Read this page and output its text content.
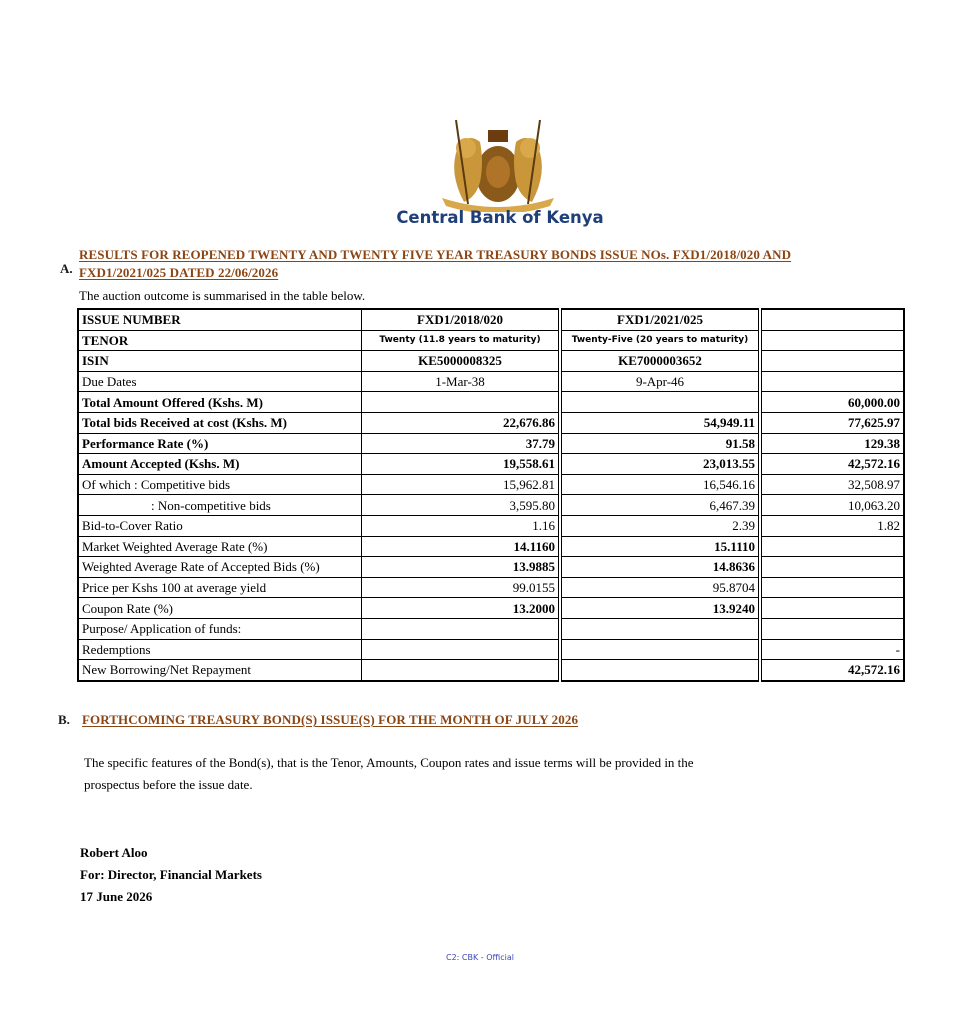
Central Bank of Kenya
A.
RESULTS FOR REOPENED TWENTY AND TWENTY FIVE YEAR TREASURY BONDS ISSUE NOs. FXD1/2018/020 AND
FXD1/2021/025 DATED 22/06/2026
The auction outcome is summarised in the table below.
ISSUE NUMBER	FXD1/2018/020	FXD1/2021/025	
TENOR	Twenty (11.8 years to maturity)	Twenty-Five (20 years to maturity)	
ISIN	KE5000008325	KE7000003652	
Due Dates	1-Mar-38	9-Apr-46	
Total Amount Offered (Kshs. M)			60,000.00
Total bids Received at cost (Kshs. M)	22,676.86	54,949.11	77,625.97
Performance Rate (%)	37.79	91.58	129.38
Amount Accepted (Kshs. M)	19,558.61	23,013.55	42,572.16
Of which : Competitive bids	15,962.81	16,546.16	32,508.97
: Non-competitive bids	3,595.80	6,467.39	10,063.20
Bid-to-Cover Ratio	1.16	2.39	1.82
Market Weighted Average Rate (%)	14.1160	15.1110	
Weighted Average Rate of Accepted Bids (%)	13.9885	14.8636	
Price per Kshs 100 at average yield	99.0155	95.8704	
Coupon Rate (%)	13.2000	13.9240	
Purpose/ Application of funds:			
Redemptions			-
New Borrowing/Net Repayment			42,572.16
B. FORTHCOMING TREASURY BOND(S) ISSUE(S) FOR THE MONTH OF JULY 2026
The specific features of the Bond(s), that is the Tenor, Amounts, Coupon rates and issue terms will be provided in the
prospectus before the issue date.
Robert Aloo
For: Director, Financial Markets
17 June 2026
C2: CBK - Official
